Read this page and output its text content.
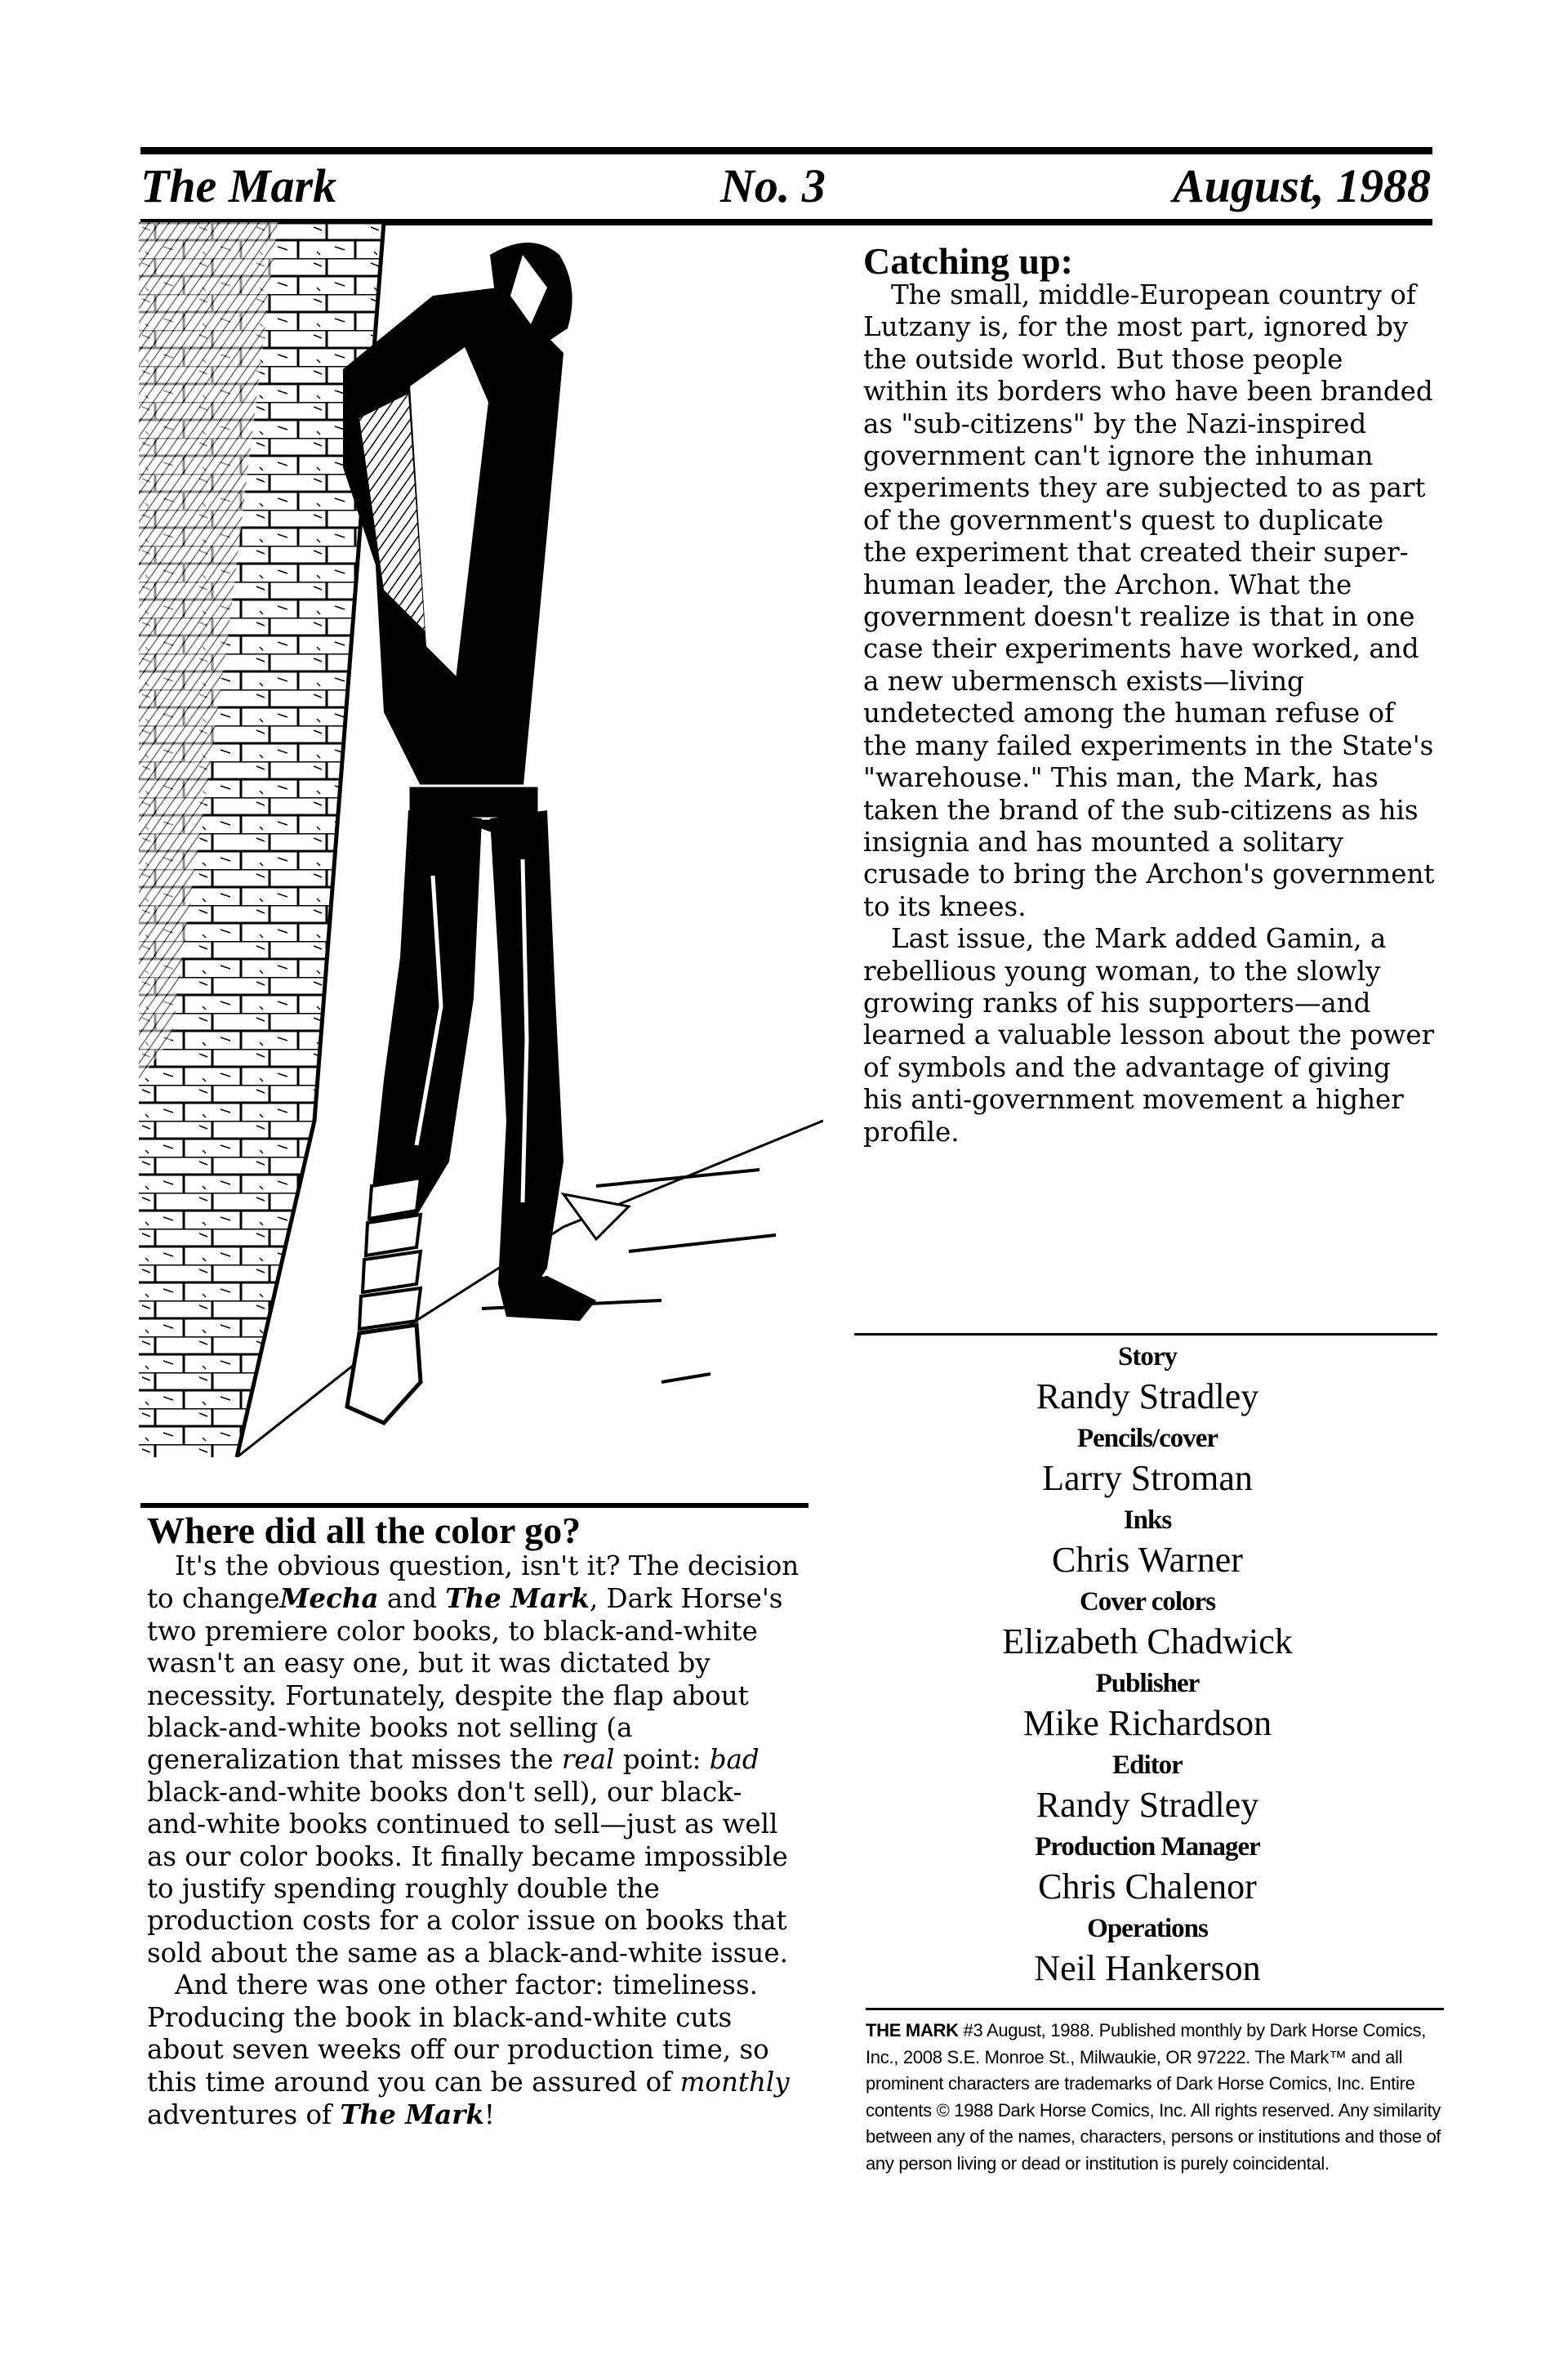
The Mark	No. 3	August, 1988
Catching up:

The small, middle-European country of Lutzany is, for the most part, ignored by the outside world. But those people within its borders who have been branded as "sub-citizens" by the Nazi-inspired government can't ignore the inhuman experiments they are subjected to as part of the government's quest to duplicate the experiment that created their super-human leader, the Archon. What the government doesn't realize is that in one case their experiments have worked, and a new ubermensch exists—living undetected among the human refuse of the many failed experiments in the State's "warehouse." This man, the Mark, has taken the brand of the sub-citizens as his insignia and has mounted a solitary crusade to bring the Archon's government to its knees.

Last issue, the Mark added Gamin, a rebellious young woman, to the slowly growing ranks of his supporters—and learned a valuable lesson about the power of symbols and the advantage of giving his anti-government movement a higher profile.

Story
Randy Stradley
Pencils/cover
Larry Stroman
Inks
Chris Warner
Cover colors
Elizabeth Chadwick
Publisher
Mike Richardson
Editor
Randy Stradley
Production Manager
Chris Chalenor
Operations
Neil Hankerson
Where did all the color go?

It's the obvious question, isn't it? The decision to changeMecha and The Mark, Dark Horse's two premiere color books, to black-and-white wasn't an easy one, but it was dictated by necessity. Fortunately, despite the flap about black-and-white books not selling (a generalization that misses the real point: bad black-and-white books don't sell), our black-and-white books continued to sell—just as well as our color books. It finally became impossible to justify spending roughly double the production costs for a color issue on books that sold about the same as a black-and-white issue.

And there was one other factor: timeliness. Producing the book in black-and-white cuts about seven weeks off our production time, so this time around you can be assured of monthly adventures of The Mark!

THE MARK #3 August, 1988. Published monthly by Dark Horse Comics, Inc., 2008 S.E. Monroe St., Milwaukie, OR 97222. The Mark™ and all prominent characters are trademarks of Dark Horse Comics, Inc. Entire contents © 1988 Dark Horse Comics, Inc. All rights reserved. Any similarity between any of the names, characters, persons or institutions and those of any person living or dead or institution is purely coincidental.
